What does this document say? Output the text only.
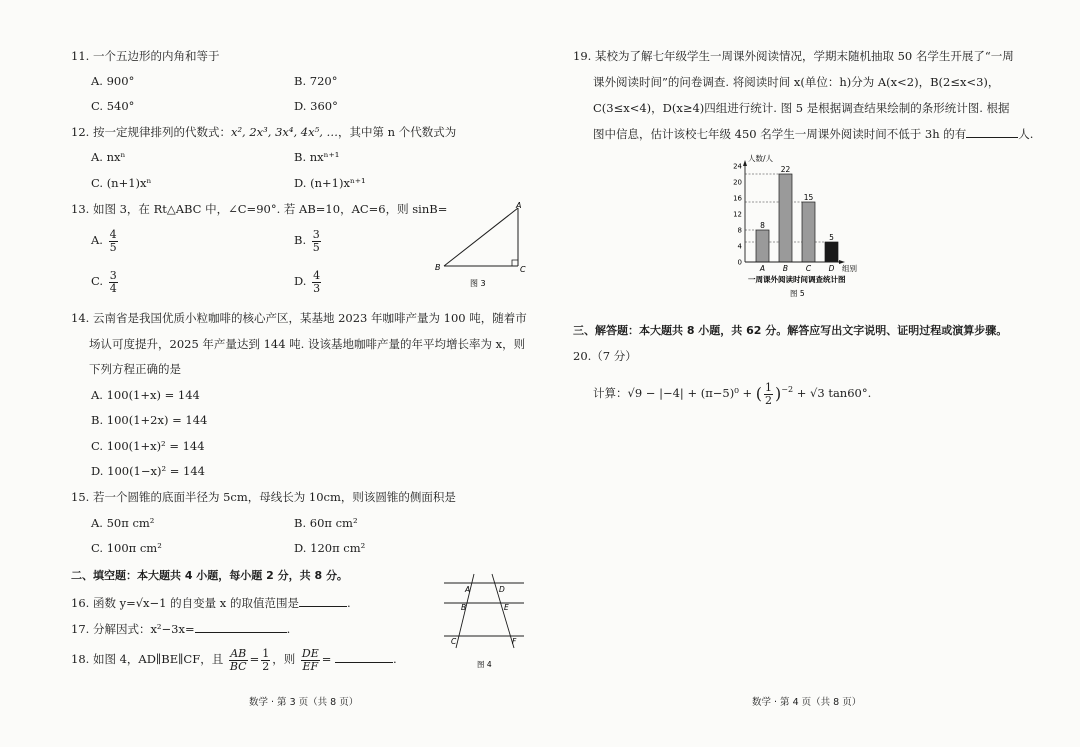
11. 一个五边形的内角和等于
A. 900°	B. 720°
C. 540°	D. 360°
12. 按一定规律排列的代数式：x², 2x³, 3x⁴, 4x⁵, …，其中第 n 个代数式为
A. nxⁿ	B. nxⁿ⁺¹
C. (n+1)xⁿ	D. (n+1)xⁿ⁺¹
13. 如图 3，在 Rt△ABC 中，∠C=90°. 若 AB=10，AC=6，则 sinB=
A. $\frac{4}{5}$	B. $\frac{3}{5}$
C. $\frac{3}{4}$	D. $\frac{4}{3}$
A
B	C
图 3
14. 云南省是我国优质小粒咖啡的核心产区，某基地 2023 年咖啡产量为 100 吨，随着市
场认可度提升，2025 年产量达到 144 吨. 设该基地咖啡产量的年平均增长率为 x，则
下列方程正确的是
A. 100(1+x) = 144
B. 100(1+2x) = 144
C. 100(1+x)² = 144
D. 100(1−x)² = 144
15. 若一个圆锥的底面半径为 5cm，母线长为 10cm，则该圆锥的侧面积是
A. 50π cm²	B. 60π cm²
C. 100π cm²	D. 120π cm²
二、填空题：本大题共 4 小题，每小题 2 分，共 8 分。
16. 函数 y=√x−1 的自变量 x 的取值范围是	.
17. 分解因式：x²−3x=	.
18. 如图 4，AD∥BE∥CF，且 $\frac{AB}{BC} = \frac{1}{2}$ ，则 $\frac{DE}{EF}$ =	.
A
B
C
D
E
F
图 4
数学 · 第 3 页（共 8 页）
19. 某校为了解七年级学生一周课外阅读情况，学期末随机抽取 50 名学生开展了“一周
课外阅读时间”的问卷调查. 将阅读时间 x(单位：h)分为 A(x<2)，B(2≤x<3)，
C(3≤x<4)，D(x≥4)四组进行统计. 图 5 是根据调查结果绘制的条形统计图. 根据
图中信息，估计该校七年级 450 名学生一周课外阅读时间不低于 3h 的有	人.
8
22
15
5
0
4
8
12
16
20
24
A B C D
人数/人
组别
一周课外阅读时间调查统计图
图 5
三、解答题：本大题共 8 小题，共 62 分。解答应写出文字说明、证明过程或演算步骤。
20.（7 分）
计算：√9 − |−4| + (π−5)⁰ + ( $\frac{1}{2} )^{-2} + √3$ tan60°.
数学 · 第 4 页（共 8 页）
